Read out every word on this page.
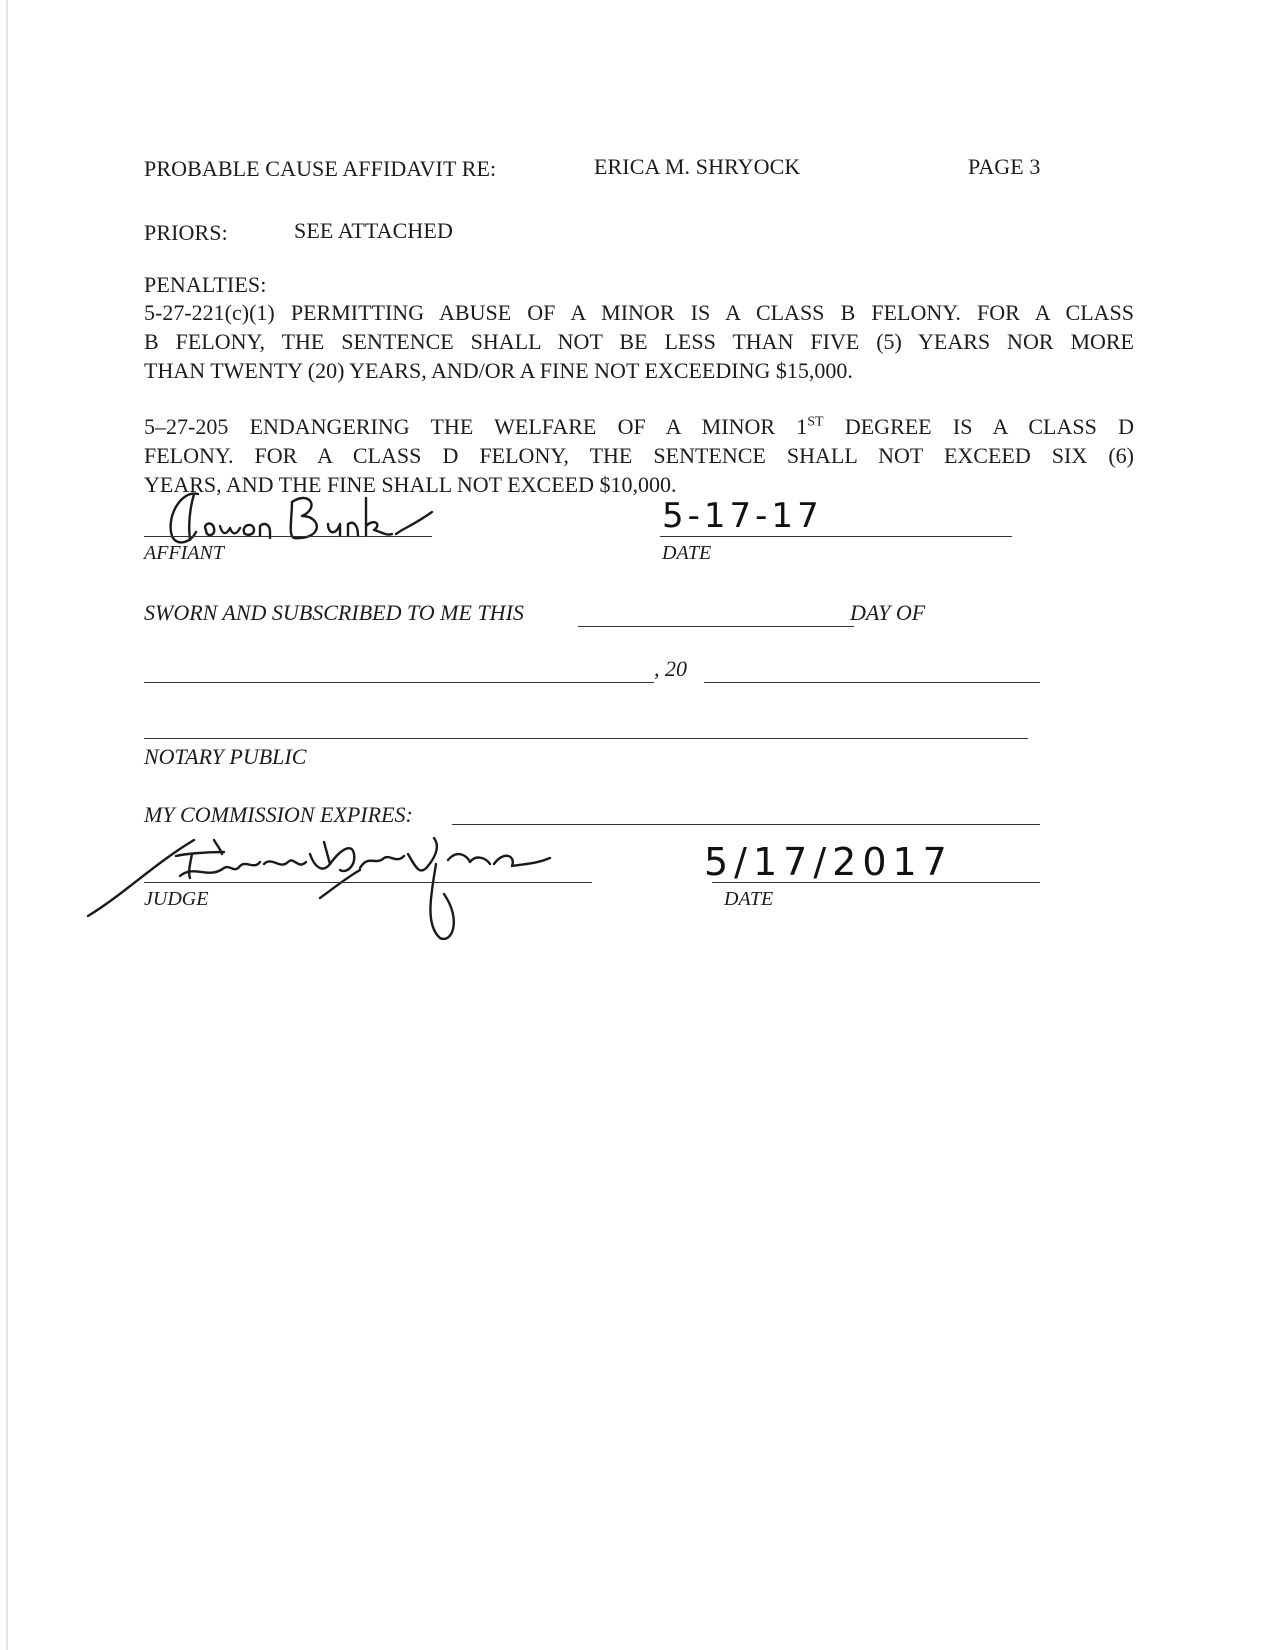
PROBABLE CAUSE AFFIDAVIT RE:	ERICA M. SHRYOCK	PAGE 3
PRIORS:	SEE ATTACHED
PENALTIES:
5-27-221(c)(1) PERMITTING ABUSE OF A MINOR IS A CLASS B FELONY. FOR A CLASS
B FELONY, THE SENTENCE SHALL NOT BE LESS THAN FIVE (5) YEARS NOR MORE
THAN TWENTY (20) YEARS, AND/OR A FINE NOT EXCEEDING $15,000.
5–27-205 ENDANGERING THE WELFARE OF A MINOR 1ST DEGREE IS A CLASS D
FELONY. FOR A CLASS D FELONY, THE SENTENCE SHALL NOT EXCEED SIX (6)
YEARS, AND THE FINE SHALL NOT EXCEED $10,000.
AFFIANT
5-17-17
DATE
SWORN AND SUBSCRIBED TO ME THIS	DAY OF
, 20
NOTARY PUBLIC
MY COMMISSION EXPIRES:
JUDGE
5/17/2017
DATE
